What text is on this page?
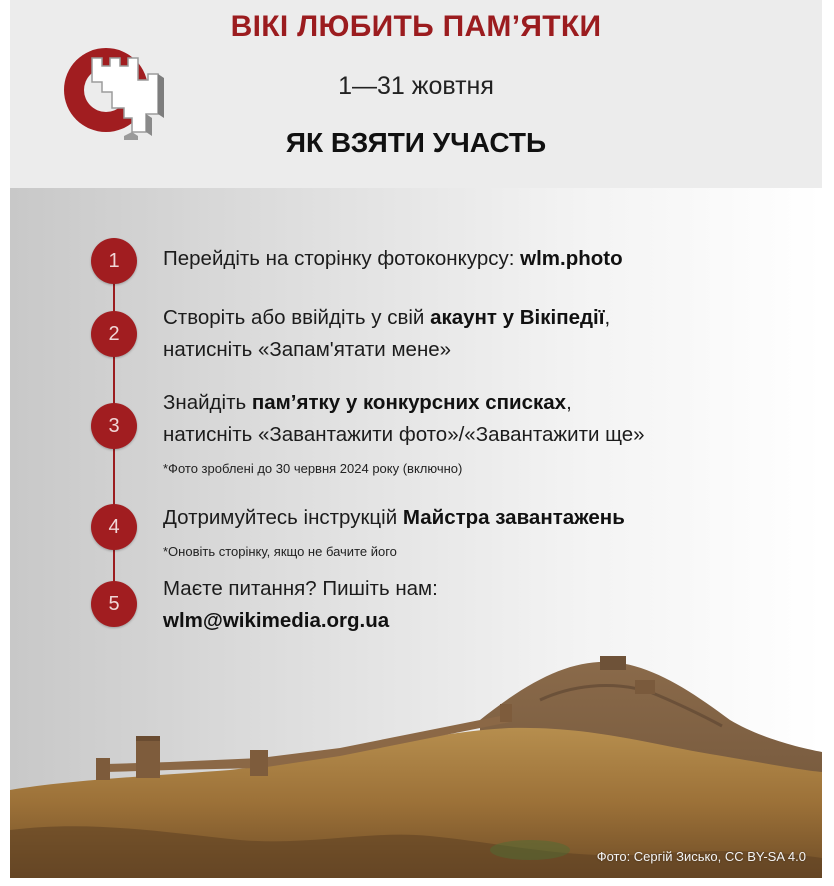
ВІКІ ЛЮБИТЬ ПАМ’ЯТКИ
1—31 жовтня
ЯК ВЗЯТИ УЧАСТЬ
1	Перейдіть на сторінку фотоконкурсу: wlm.photo
2
Створіть або ввійдіть у свій акаунт у Вікіпедії,
натисніть «Запам'ятати мене»
3
Знайдіть пам’ятку у конкурсних списках,
натисніть «Завантажити фото»/«Завантажити ще»
*Фото зроблені до 30 червня 2024 року (включно)
4	Дотримуйтесь інструкцій Майстра завантажень
*Оновіть сторінку, якщо не бачите його
5
Маєте питання? Пишіть нам:
wlm@wikimedia.org.ua
Фото: Сергій Зисько, CC BY-SA 4.0
